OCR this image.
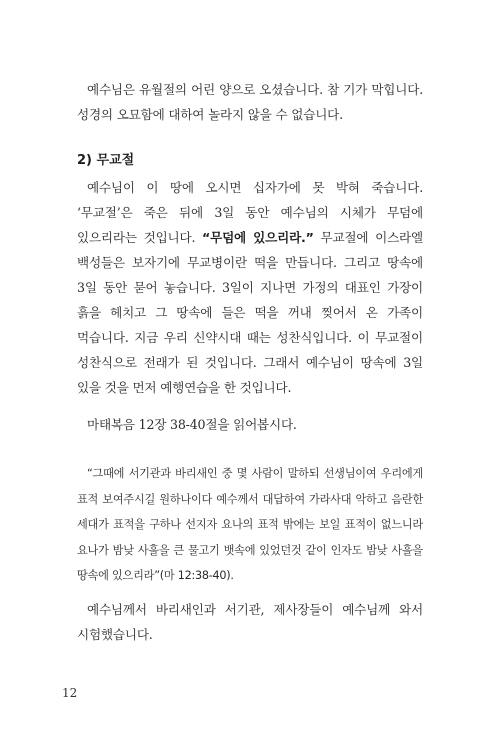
예수님은 유월절의 어린 양으로 오셨습니다. 참 기가 막힙니다. 성경의 오묘함에 대하여 놀라지 않을 수 없습니다.

2) 무교절

예수님이 이 땅에 오시면 십자가에 못 박혀 죽습니다. ‘무교절’은 죽은 뒤에 3일 동안 예수님의 시체가 무덤에 있으리라는 것입니다. “무덤에 있으리라.” 무교절에 이스라엘 백성들은 보자기에 무교병이란 떡을 만듭니다. 그리고 땅속에 3일 동안 묻어 놓습니다. 3일이 지나면 가정의 대표인 가장이 흙을 헤치고 그 땅속에 들은 떡을 꺼내 찢어서 온 가족이 먹습니다. 지금 우리 신약시대 때는 성찬식입니다. 이 무교절이 성찬식으로 전래가 된 것입니다. 그래서 예수님이 땅속에 3일 있을 것을 먼저 예행연습을 한 것입니다.

마태복음 12장 38-40절을 읽어봅시다.

“그때에 서기관과 바리새인 중 몇 사람이 말하되 선생님이여 우리에게 표적 보여주시길 원하나이다 예수께서 대답하여 가라사대 악하고 음란한 세대가 표적을 구하나 선지자 요나의 표적 밖에는 보일 표적이 없느니라 요나가 밤낮 사흘을 큰 물고기 뱃속에 있었던것 같이 인자도 밤낮 사흘을 땅속에 있으리라”(마 12:38-40).

예수님께서 바리새인과 서기관, 제사장들이 예수님께 와서 시험했습니다.

12
